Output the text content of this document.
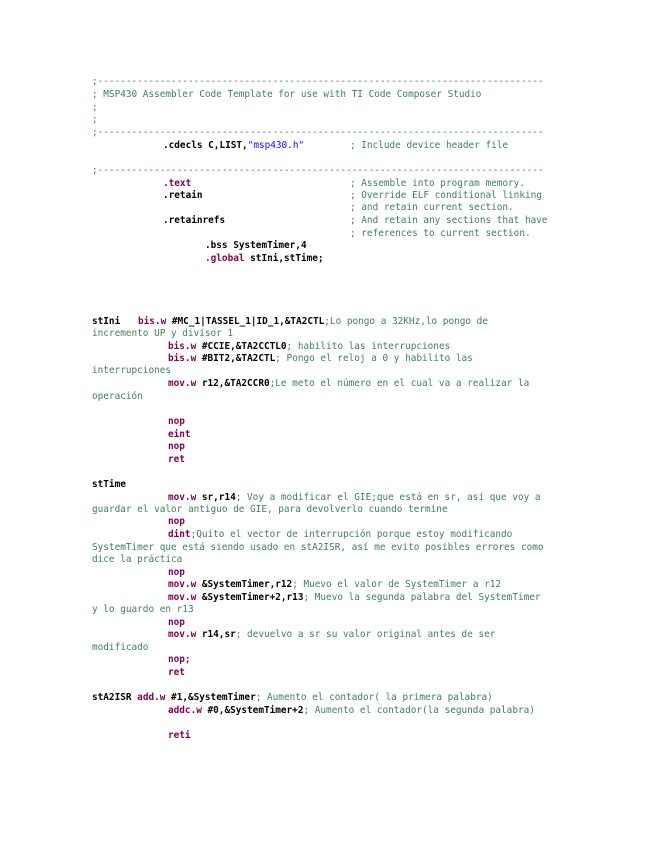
;-------------------------------------------------------------------------------
; MSP430 Assembler Code Template for use with TI Code Composer Studio
;
;
;-------------------------------------------------------------------------------
.cdecls C,LIST,"msp430.h"	; Include device header file
;-------------------------------------------------------------------------------
.text	; Assemble into program memory.
.retain	; Override ELF conditional linking
; and retain current section.
.retainrefs	; And retain any sections that have
; references to current section.
.bss SystemTimer,4
.global stIni,stTime;
stIni bis.w #MC_1|TASSEL_1|ID_1,&TA2CTL;Lo pongo a 32KHz,lo pongo de
incremento UP y divisor 1
bis.w #CCIE,&TA2CCTL0; habilito las interrupciones
bis.w #BIT2,&TA2CTL; Pongo el reloj a 0 y habilito las
interrupciones
mov.w r12,&TA2CCR0;Le meto el número en el cual va a realizar la
operación
nop
eint
nop
ret
stTime
mov.w sr,r14; Voy a modificar el GIE;que está en sr, así que voy a
guardar el valor antiguo de GIE, para devolverlo cuando termine
nop
dint;Quito el vector de interrupción porque estoy modificando
SystemTimer que está siendo usado en stA2ISR, así me evito posibles errores como
dice la práctica
nop
mov.w &SystemTimer,r12; Muevo el valor de SystemTimer a r12
mov.w &SystemTimer+2,r13; Muevo la segunda palabra del SystemTimer
y lo guardo en r13
nop
mov.w r14,sr; devuelvo a sr su valor original antes de ser
modificado
nop;
ret
stA2ISR add.w #1,&SystemTimer; Aumento el contador( la primera palabra)
addc.w #0,&SystemTimer+2; Aumento el contador(la segunda palabra)
reti
